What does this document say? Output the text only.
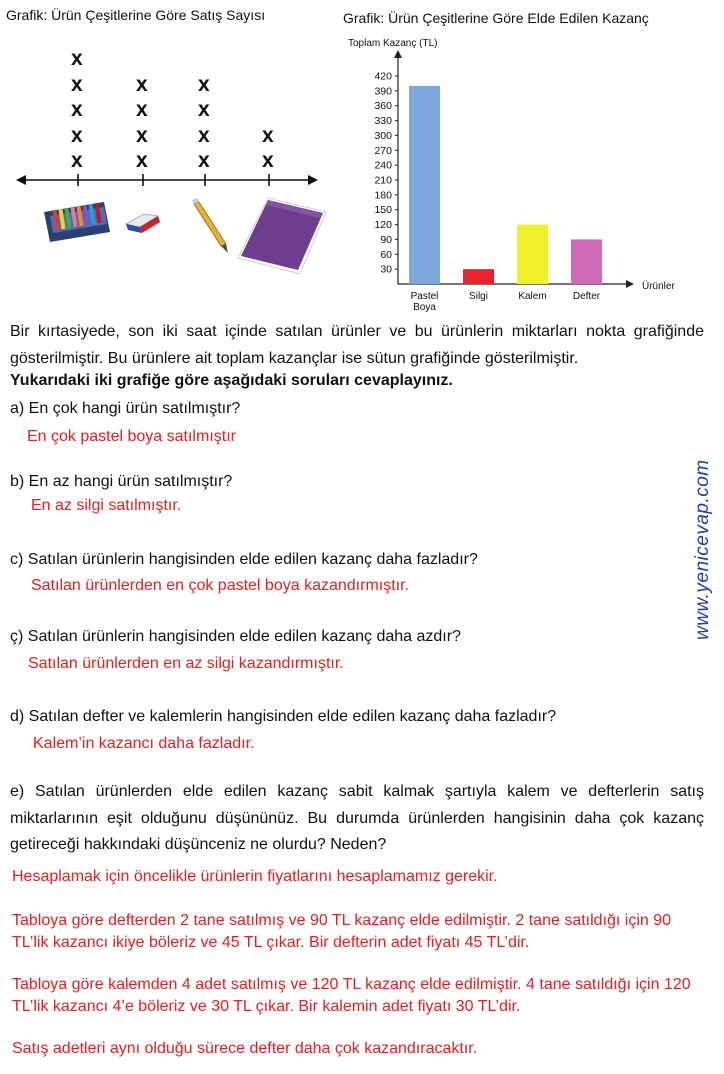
Grafik: Ürün Çeşitlerine Göre Satış Sayısı
x
x
x
x
x
x
x
x
x
x
x
x
x
x
x
Grafik: Ürün Çeşitlerine Göre Elde Edilen Kazanç
Toplam Kazanç (TL)
Ürünler
30
60
90
120
150
180
210
240
270
300
330
360
390
420
Pastel
Boya
Silgi	Kalem	Defter
Bir kırtasiyede, son iki saat içinde satılan ürünler ve bu ürünlerin miktarları nokta grafiğinde gösterilmiştir. Bu ürünlere ait toplam kazançlar ise sütun grafiğinde gösterilmiştir.
Yukarıdaki iki grafiğe göre aşağıdaki soruları cevaplayınız.
a) En çok hangi ürün satılmıştır?
En çok pastel boya satılmıştır
b) En az hangi ürün satılmıştır?
En az silgi satılmıştır.
c) Satılan ürünlerin hangisinden elde edilen kazanç daha fazladır?
Satılan ürünlerden en çok pastel boya kazandırmıştır.
ç) Satılan ürünlerin hangisinden elde edilen kazanç daha azdır?
Satılan ürünlerden en az silgi kazandırmıştır.
d) Satılan defter ve kalemlerin hangisinden elde edilen kazanç daha fazladır?
Kalem’in kazancı daha fazladır.
e) Satılan ürünlerden elde edilen kazanç sabit kalmak şartıyla kalem ve defterlerin satış miktarlarının eşit olduğunu düşününüz. Bu durumda ürünlerden hangisinin daha çok kazanç getireceği hakkındaki düşünceniz ne olurdu? Neden?
Hesaplamak için öncelikle ürünlerin fiyatlarını hesaplamamız gerekir.
Tabloya göre defterden 2 tane satılmış ve 90 TL kazanç elde edilmiştir. 2 tane satıldığı için 90 TL’lik kazancı ikiye böleriz ve 45 TL çıkar. Bir defterin adet fiyatı 45 TL’dir.
Tabloya göre kalemden 4 adet satılmış ve 120 TL kazanç elde edilmiştir. 4 tane satıldığı için 120 TL’lik kazancı 4’e böleriz ve 30 TL çıkar. Bir kalemin adet fiyatı 30 TL’dir.
Satış adetleri aynı olduğu sürece defter daha çok kazandıracaktır.
www.yenicevap.com
